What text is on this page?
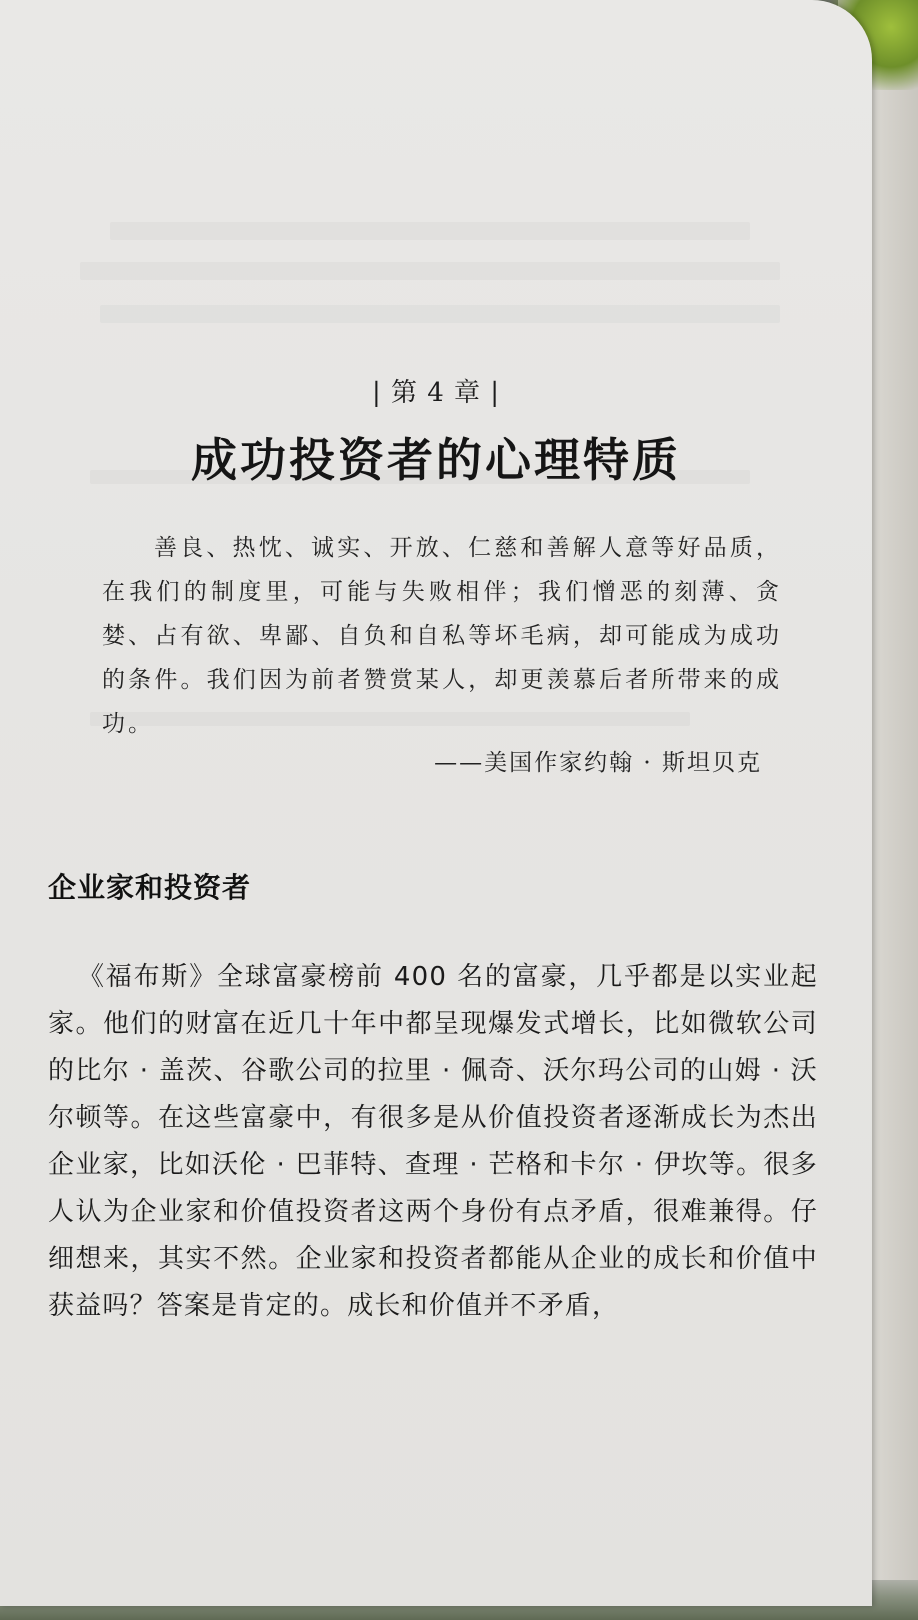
| 第 4 章 |
成功投资者的心理特质

善良、热忱、诚实、开放、仁慈和善解人意等好品质，在我们的制度里，可能与失败相伴；我们憎恶的刻薄、贪婪、占有欲、卑鄙、自负和自私等坏毛病，却可能成为成功的条件。我们因为前者赞赏某人，却更羡慕后者所带来的成功。

——美国作家约翰 · 斯坦贝克
企业家和投资者

《福布斯》全球富豪榜前 400 名的富豪，几乎都是以实业起家。他们的财富在近几十年中都呈现爆发式增长，比如微软公司的比尔 · 盖茨、谷歌公司的拉里 · 佩奇、沃尔玛公司的山姆 · 沃尔顿等。在这些富豪中，有很多是从价值投资者逐渐成长为杰出企业家，比如沃伦 · 巴菲特、查理 · 芒格和卡尔 · 伊坎等。很多人认为企业家和价值投资者这两个身份有点矛盾，很难兼得。仔细想来，其实不然。企业家和投资者都能从企业的成长和价值中获益吗？答案是肯定的。成长和价值并不矛盾，
